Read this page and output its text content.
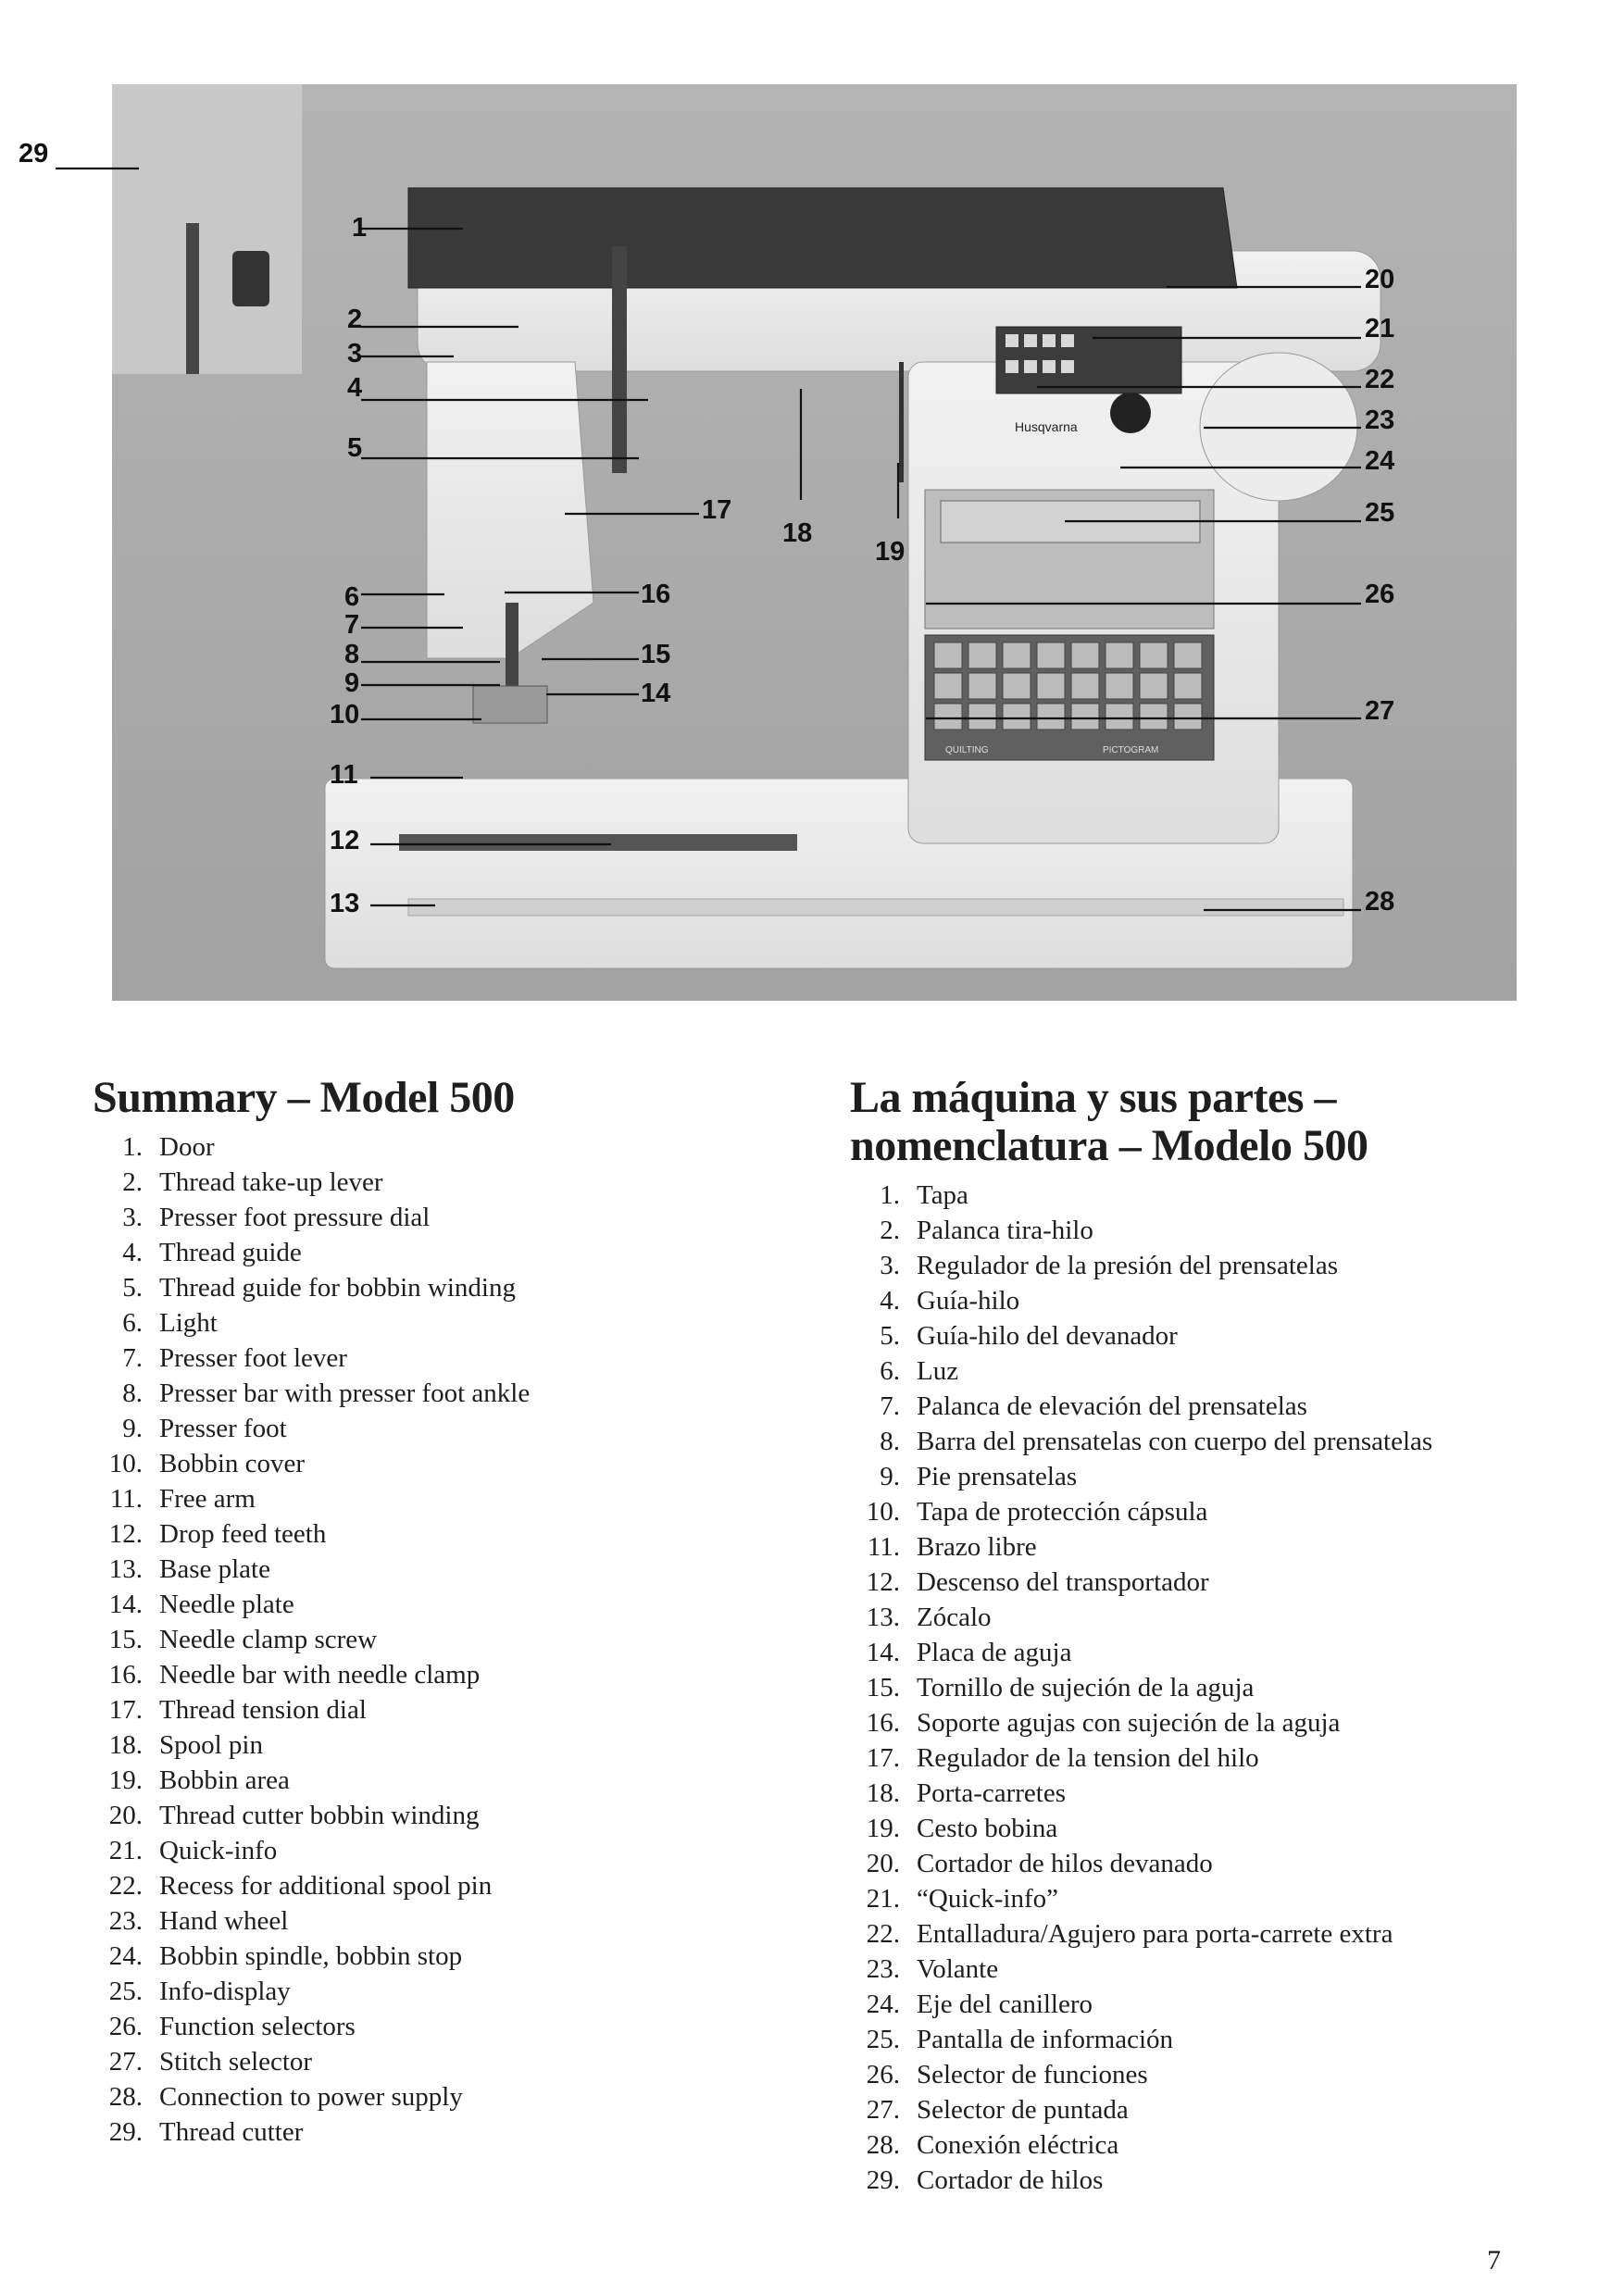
Husqvarna
QUILTING	PICTOGRAM
29
1
2
3
4
5
6
7
8
9
10
11
12
13
14
15
16
17
18
19
20
21
22
23
24
25
26
27
28
Summary – Model 500
1. Door
2. Thread take-up lever
3. Presser foot pressure dial
4. Thread guide
5. Thread guide for bobbin winding
6. Light
7. Presser foot lever
8. Presser bar with presser foot ankle
9. Presser foot
10. Bobbin cover
11. Free arm
12. Drop feed teeth
13. Base plate
14. Needle plate
15. Needle clamp screw
16. Needle bar with needle clamp
17. Thread tension dial
18. Spool pin
19. Bobbin area
20. Thread cutter bobbin winding
21. Quick-info
22. Recess for additional spool pin
23. Hand wheel
24. Bobbin spindle, bobbin stop
25. Info-display
26. Function selectors
27. Stitch selector
28. Connection to power supply
29. Thread cutter
La máquina y sus partes –
nomenclatura – Modelo 500
1. Tapa
2. Palanca tira-hilo
3. Regulador de la presión del prensatelas
4. Guía-hilo
5. Guía-hilo del devanador
6. Luz
7. Palanca de elevación del prensatelas
8. Barra del prensatelas con cuerpo del prensatelas
9. Pie prensatelas
10. Tapa de protección cápsula
11. Brazo libre
12. Descenso del transportador
13. Zócalo
14. Placa de aguja
15. Tornillo de sujeción de la aguja
16. Soporte agujas con sujeción de la aguja
17. Regulador de la tension del hilo
18. Porta-carretes
19. Cesto bobina
20. Cortador de hilos devanado
21. “Quick-info”
22. Entalladura/Agujero para porta-carrete extra
23. Volante
24. Eje del canillero
25. Pantalla de información
26. Selector de funciones
27. Selector de puntada
28. Conexión eléctrica
29. Cortador de hilos
7
